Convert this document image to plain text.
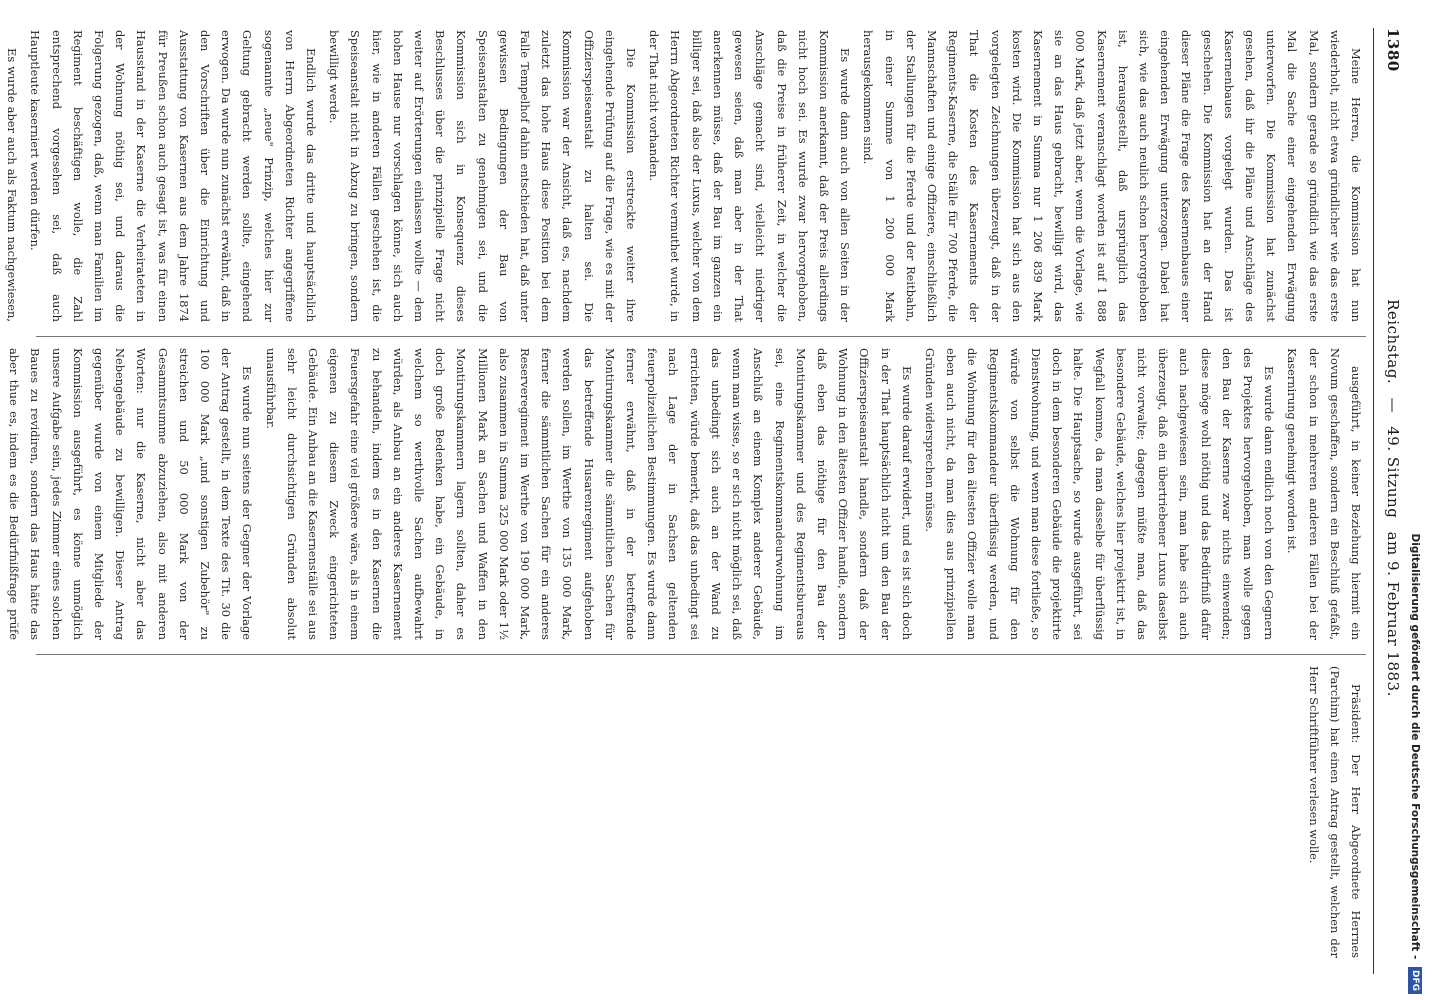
1380
Reichstag. — 49. Sitzung am 9. Februar 1883.

Meine Herren, die Kommission hat nun wiederholt, nicht etwa gründlicher wie das erste Mal, sondern gerade so gründlich wie das erste Mal die Sache einer eingehenden Erwägung unterworfen. Die Kommission hat zunächst gesehen, daß ihr die Pläne und Anschläge des Kasernenbaues vorgelegt wurden. Das ist geschehen. Die Kommission hat an der Hand dieser Pläne die Frage des Kasernenbaues einer eingehenden Erwägung unterzogen. Dabei hat sich, wie das auch neulich schon hervorgehoben ist, herausgestellt, daß ursprünglich das Kasernement veranschlagt worden ist auf 1 888 000 Mark, daß jetzt aber, wenn die Vorlage, wie sie an das Haus gebracht, bewilligt wird, das Kasernement in Summa nur 1 206 839 Mark kosten wird. Die Kommission hat sich aus den vorgelegten Zeichnungen überzeugt, daß in der That die Kosten des Kasernements der Regiments-Kaserne, die Ställe für 700 Pferde, die Mannschaften und einige Offiziere, einschließlich der Stallungen für die Pferde und der Reitbahn, in einer Summe von 1 200 000 Mark herausgekommen sind.

Es wurde dann auch von allen Seiten in der Kommission anerkannt, daß der Preis allerdings nicht hoch sei. Es wurde zwar hervorgehoben, daß die Preise in früherer Zeit, in welcher die Anschläge gemacht sind, vielleicht niedriger gewesen seien, daß man aber in der That anerkennen müsse, daß der Bau im ganzen ein billiger sei, daß also der Luxus, welcher von dem Herrn Abgeordneten Richter vermuthet wurde, in der That nicht vorhanden.

Die Kommission erstreckte weiter ihre eingehende Prüfung auf die Frage, wie es mit der Offizierspeiseanstalt zu halten sei. Die Kommission war der Ansicht, daß es, nachdem zuletzt das hohe Haus diese Position bei dem Falle Tempelhof dahin entschieden hat, daß unter gewissen Bedingungen der Bau von Speiseanstalten zu genehmigen sei, und die Kommission sich in Konsequenz dieses Beschlusses über die prinzipielle Frage nicht weiter auf Erörterungen einlassen wollte — dem hohen Hause nur vorschlagen könne, sich auch hier, wie in anderen Fällen geschehen ist, die Speiseanstalt nicht in Abzug zu bringen, sondern bewilligt werde.

Endlich wurde das dritte und hauptsächlich von Herrn Abgeordneten Richter angegriffene sogenannte „neue" Prinzip, welches hier zur Geltung gebracht werden sollte, eingehend erwogen. Da wurde nun zunächst erwähnt, daß in den Vorschriften über die Einrichtung und Ausstattung von Kasernen aus dem Jahre 1874 für Preußen schon auch gesagt ist, was für einen Hausstand in der Kaserne die Verheirateten in der Wohnung nöthig sei, und daraus die Folgerung gezogen, daß, wenn man Familien im Regiment beschäftigen wolle, die Zahl entsprechend vorgesehen sei, daß auch Hauptleute kaserniert werden dürfen.

Es wurde aber auch als Faktum nachgewiesen,

ausgeführt, in keiner Beziehung hiermit ein Novum geschaffen, sondern ein Beschluß gefaßt, der schon in mehreren anderen Fällen bei der Kasernirung genehmigt worden ist.

Es wurde dann endlich noch von den Gegnern des Projektes hervorgehoben, man wolle gegen den Bau der Kaserne zwar nichts einwenden; diese möge wohl nöthig und das Bedürfniß dafür auch nachgewiesen sein, man habe sich auch überzeugt, daß ein übertriebener Luxus daselbst nicht vorwalte; dagegen müßte man, daß das besondere Gebäude, welches hier projektirt ist, in Wegfall komme, da man dasselbe für überflüssig halte. Die Hauptsache, so wurde ausgeführt, sei doch in dem besonderen Gebäude die projektirte Dienstwohnung, und wenn man diese fortließe, so würde von selbst die Wohnung für den Regimentskommandeur überflüssig werden, und die Wohnung für den ältesten Offizier wolle man eben auch nicht, da man dies aus prinzipiellen Gründen widersprechen müsse.

Es wurde darauf erwidert, und es ist sich doch in der That hauptsächlich nicht um den Bau der Offizierspeiseanstalt handle, sondern daß der Wohnung in den ältesten Offizier handle, sondern daß eben das nöthige für den Bau der Montirungskammer und des Regimentsbureaus sei, eine Regimentskommandeurwohnung im Anschluß an einem Komplex anderer Gebäude, wenn man wisse, so er sich nicht möglich sei, daß das unbedingt sich auch an der Wand zu errichten, würde bemerkt, daß das unbedingt sei nach Lage der in Sachsen geltenden feuerpolizeilichen Bestimmungen. Es wurde dann ferner erwähnt, daß in der betreffende Montirungskammer die sämmtlichen Sachen für das betreffende Husarenregiment aufgehoben werden sollen, im Werthe von 135 000 Mark, ferner die sämmtlichen Sachen für ein anderes Reserveregiment im Werthe von 190 000 Mark, also zusammen in Summa 325 000 Mark oder 1½ Millionen Mark an Sachen und Waffen in den Montirungskammern lagern sollten, daher es doch große Bedenken habe, ein Gebäude, in welchem so werthvolle Sachen aufbewahrt würden, als Anbau an ein anderes Kasernement zu behandeln, indem es in den Kasernen die Feuersgefahr eine viel größere wäre, als in einem eigenen zu diesem Zweck eingerichteten Gebäude. Ein Anbau an die Kasernenställe sei aus sehr leicht durchsichtigen Gründen absolut unausführbar.

Es wurde nun seitens der Gegner der Vorlage der Antrag gestellt, in dem Texte des Tit. 30 die 100 000 Mark „und sonstigen Zubehör" zu streichen und 50 000 Mark von der Gesammtsumme abzuziehen, also mit anderen Worten: nur die Kaserne, nicht aber das Nebengebäude zu bewilligen. Dieser Antrag gegenüber wurde von einem Mitgliede der Kommission ausgeführt, es könne unmöglich unsere Aufgabe sein, jedes Zimmer eines solchen Baues zu revidiren, sondern das Haus hätte das aber thue es, indem es die Bedürfnißfrage prüfe

Präsident: Der Herr Abgeordnete Herrnes (Parchim) hat einen Antrag gestellt, welchen der Herr Schriftführer verlesen wolle.	Digitalisierung gefördert durch die Deutsche Forschungsgemeinschaft - DFG
